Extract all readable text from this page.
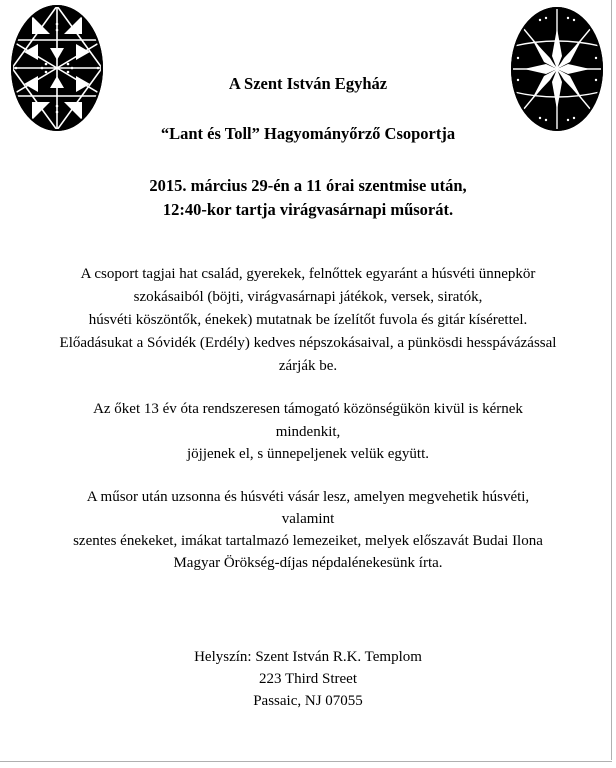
A Szent István Egyház
“Lant és Toll” Hagyományőrző Csoportja
2015. március 29-én a 11 órai szentmise után,
12:40-kor tartja virágvasárnapi műsorát.
A csoport tagjai hat család, gyerekek, felnőttek egyaránt a húsvéti ünnepkör
szokásaiból (böjti, virágvasárnapi játékok, versek, siratók,
húsvéti köszöntők, énekek) mutatnak be ízelítőt fuvola és gitár kísérettel.
Előadásukat a Sóvidék (Erdély) kedves népszokásaival, a pünkösdi hesspávázással
zárják be.
Az őket 13 év óta rendszeresen támogató közönségükön kivül is kérnek
mindenkit,
jöjjenek el, s ünnepeljenek velük együtt.
A műsor után uzsonna és húsvéti vásár lesz, amelyen megvehetik húsvéti,
valamint
szentes énekeket, imákat tartalmazó lemezeiket, melyek előszavát Budai Ilona
Magyar Örökség-díjas népdalénekesünk írta.
Helyszín: Szent István R.K. Templom
223 Third Street
Passaic, NJ 07055
